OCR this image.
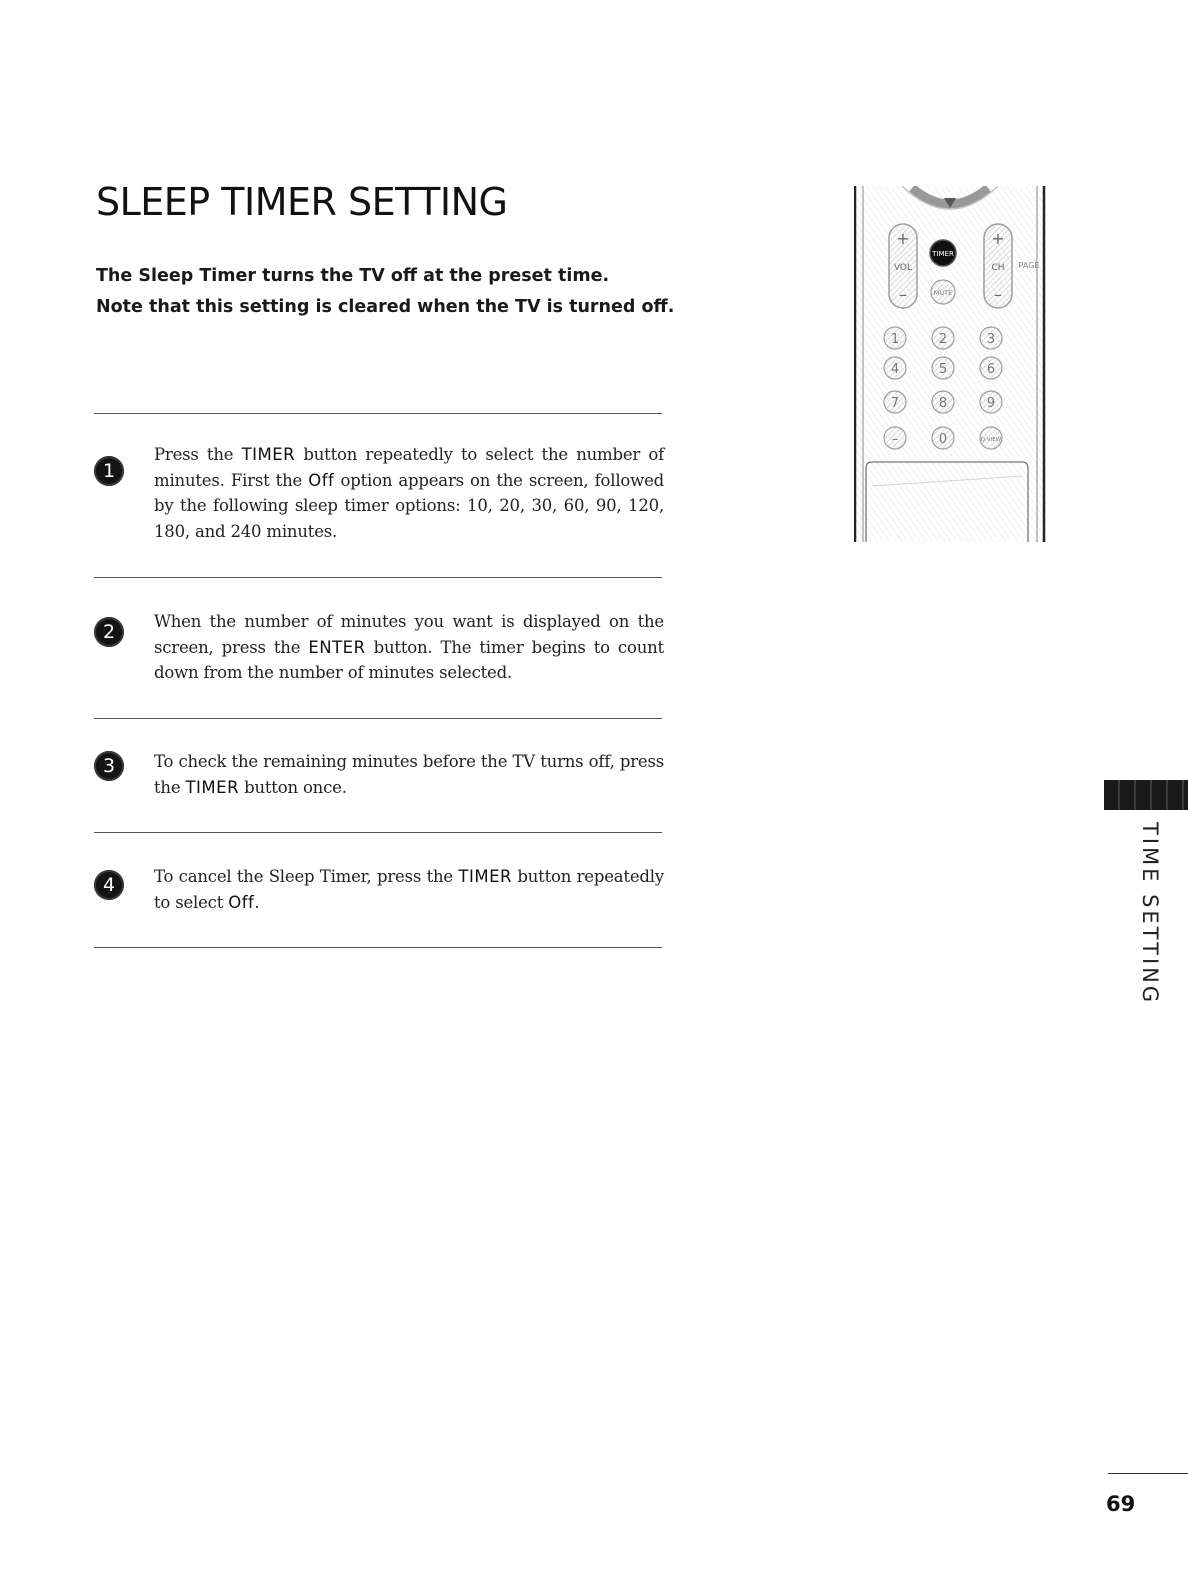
SLEEP TIMER SETTING

The Sleep Timer turns the TV off at the preset time.

Note that this setting is cleared when the TV is turned off.

1

Press the TIMER button repeatedly to select the number of minutes. First the Off option appears on the screen, followed by the following sleep timer options: 10, 20, 30, 60, 90, 120, 180, and 240 minutes.

2	When the number of minutes you want is displayed on the screen, press the ENTER button. The timer begins to count down from the number of minutes selected.

3	To check the remaining minutes before the TV turns off, press the TIMER button once.

4	To cancel the Sleep Timer, press the TIMER button repeatedly to select Off.

+
VOL
–
+
CH
–
PAGE
TIMER
MUTE
1	2	3
4	5	6
7	8	9
–	0	Q.VIEW
TIME SETTING

69
